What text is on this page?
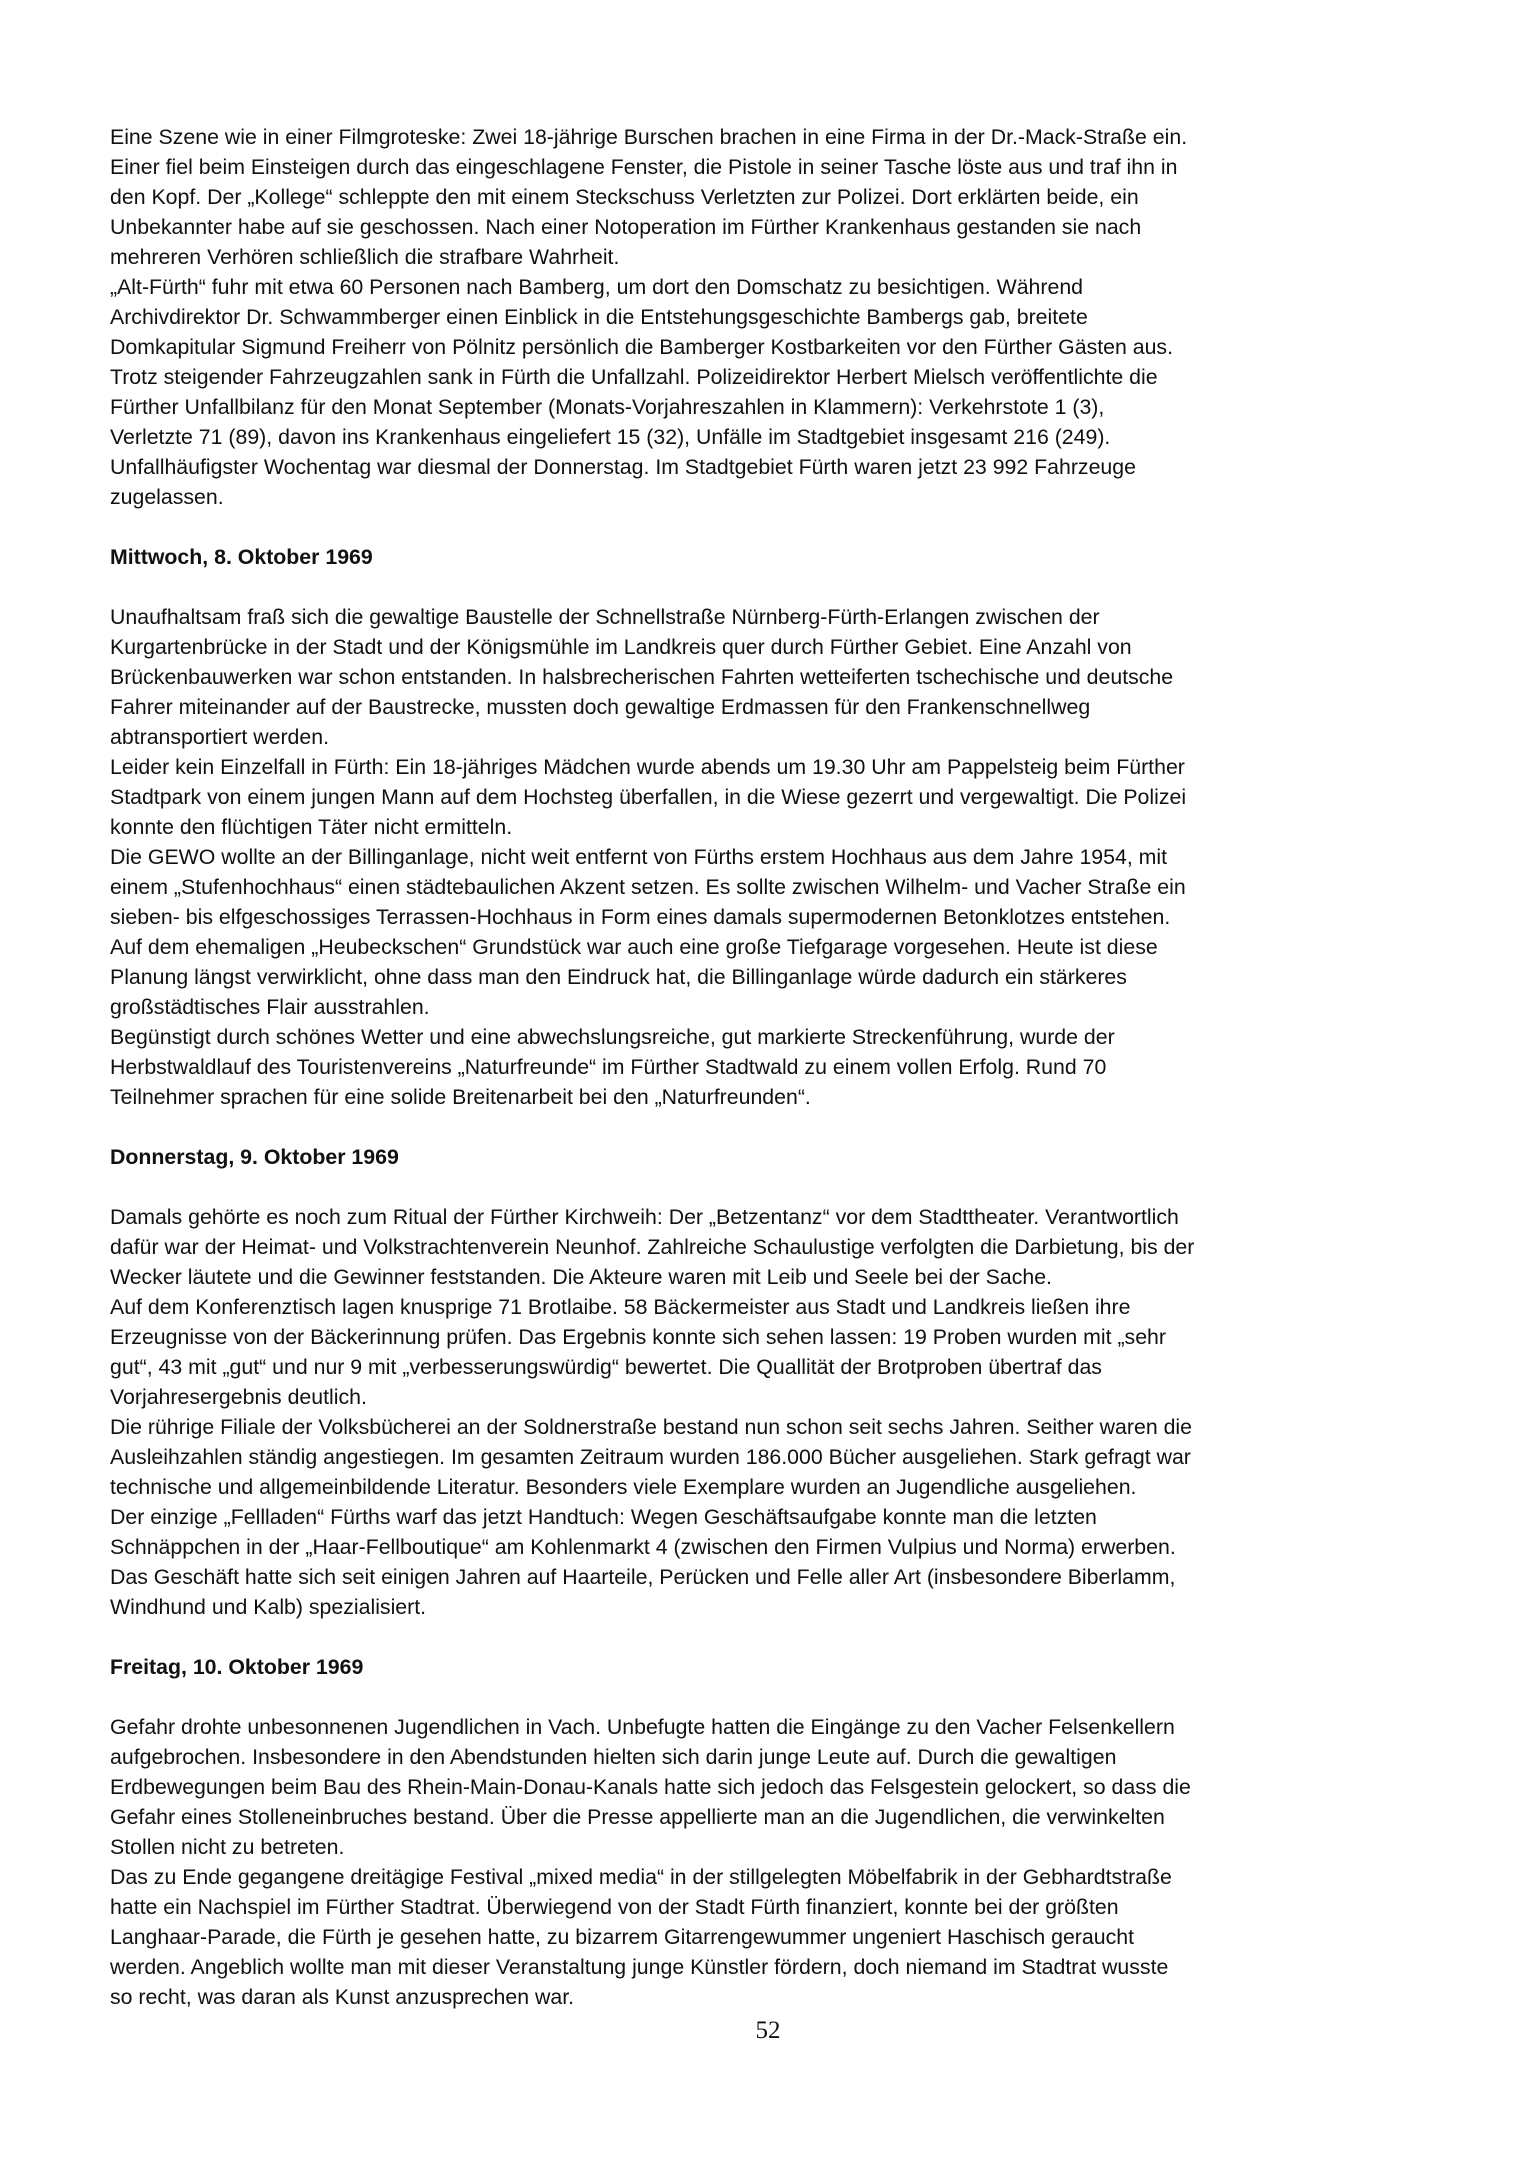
Eine Szene wie in einer Filmgroteske: Zwei 18-jährige Burschen brachen in eine Firma in der Dr.-Mack-Straße ein.
Einer fiel beim Einsteigen durch das eingeschlagene Fenster, die Pistole in seiner Tasche löste aus und traf ihn in
den Kopf. Der „Kollege“ schleppte den mit einem Steckschuss Verletzten zur Polizei. Dort erklärten beide, ein
Unbekannter habe auf sie geschossen. Nach einer Notoperation im Fürther Krankenhaus gestanden sie nach
mehreren Verhören schließlich die strafbare Wahrheit.
„Alt-Fürth“ fuhr mit etwa 60 Personen nach Bamberg, um dort den Domschatz zu besichtigen. Während
Archivdirektor Dr. Schwammberger einen Einblick in die Entstehungsgeschichte Bambergs gab, breitete
Domkapitular Sigmund Freiherr von Pölnitz persönlich die Bamberger Kostbarkeiten vor den Fürther Gästen aus.
Trotz steigender Fahrzeugzahlen sank in Fürth die Unfallzahl. Polizeidirektor Herbert Mielsch veröffentlichte die
Fürther Unfallbilanz für den Monat September (Monats-Vorjahreszahlen in Klammern): Verkehrstote 1 (3),
Verletzte 71 (89), davon ins Krankenhaus eingeliefert 15 (32), Unfälle im Stadtgebiet insgesamt 216 (249).
Unfallhäufigster Wochentag war diesmal der Donnerstag. Im Stadtgebiet Fürth waren jetzt 23 992 Fahrzeuge
zugelassen.
Mittwoch, 8. Oktober 1969
Unaufhaltsam fraß sich die gewaltige Baustelle der Schnellstraße Nürnberg-Fürth-Erlangen zwischen der
Kurgartenbrücke in der Stadt und der Königsmühle im Landkreis quer durch Fürther Gebiet. Eine Anzahl von
Brückenbauwerken war schon entstanden. In halsbrecherischen Fahrten wetteiferten tschechische und deutsche
Fahrer miteinander auf der Baustrecke, mussten doch gewaltige Erdmassen für den Frankenschnellweg
abtransportiert werden.
Leider kein Einzelfall in Fürth: Ein 18-jähriges Mädchen wurde abends um 19.30 Uhr am Pappelsteig beim Fürther
Stadtpark von einem jungen Mann auf dem Hochsteg überfallen, in die Wiese gezerrt und vergewaltigt. Die Polizei
konnte den flüchtigen Täter nicht ermitteln.
Die GEWO wollte an der Billinganlage, nicht weit entfernt von Fürths erstem Hochhaus aus dem Jahre 1954, mit
einem „Stufenhochhaus“ einen städtebaulichen Akzent setzen. Es sollte zwischen Wilhelm- und Vacher Straße ein
sieben- bis elfgeschossiges Terrassen-Hochhaus in Form eines damals supermodernen Betonklotzes entstehen.
Auf dem ehemaligen „Heubeckschen“ Grundstück war auch eine große Tiefgarage vorgesehen. Heute ist diese
Planung längst verwirklicht, ohne dass man den Eindruck hat, die Billinganlage würde dadurch ein stärkeres
großstädtisches Flair ausstrahlen.
Begünstigt durch schönes Wetter und eine abwechslungsreiche, gut markierte Streckenführung, wurde der
Herbstwaldlauf des Touristenvereins „Naturfreunde“ im Fürther Stadtwald zu einem vollen Erfolg. Rund 70
Teilnehmer sprachen für eine solide Breitenarbeit bei den „Naturfreunden“.
Donnerstag, 9. Oktober 1969
Damals gehörte es noch zum Ritual der Fürther Kirchweih: Der „Betzentanz“ vor dem Stadttheater. Verantwortlich
dafür war der Heimat- und Volkstrachtenverein Neunhof. Zahlreiche Schaulustige verfolgten die Darbietung, bis der
Wecker läutete und die Gewinner feststanden. Die Akteure waren mit Leib und Seele bei der Sache.
Auf dem Konferenztisch lagen knusprige 71 Brotlaibe. 58 Bäckermeister aus Stadt und Landkreis ließen ihre
Erzeugnisse von der Bäckerinnung prüfen. Das Ergebnis konnte sich sehen lassen: 19 Proben wurden mit „sehr
gut“, 43 mit „gut“ und nur 9 mit „verbesserungswürdig“ bewertet. Die Quallität der Brotproben übertraf das
Vorjahresergebnis deutlich.
Die rührige Filiale der Volksbücherei an der Soldnerstraße bestand nun schon seit sechs Jahren. Seither waren die
Ausleihzahlen ständig angestiegen. Im gesamten Zeitraum wurden 186.000 Bücher ausgeliehen. Stark gefragt war
technische und allgemeinbildende Literatur. Besonders viele Exemplare wurden an Jugendliche ausgeliehen.
Der einzige „Fellladen“ Fürths warf das jetzt Handtuch: Wegen Geschäftsaufgabe konnte man die letzten
Schnäppchen in der „Haar-Fellboutique“ am Kohlenmarkt 4 (zwischen den Firmen Vulpius und Norma) erwerben.
Das Geschäft hatte sich seit einigen Jahren auf Haarteile, Perücken und Felle aller Art (insbesondere Biberlamm,
Windhund und Kalb) spezialisiert.
Freitag, 10. Oktober 1969
Gefahr drohte unbesonnenen Jugendlichen in Vach. Unbefugte hatten die Eingänge zu den Vacher Felsenkellern
aufgebrochen. Insbesondere in den Abendstunden hielten sich darin junge Leute auf. Durch die gewaltigen
Erdbewegungen beim Bau des Rhein-Main-Donau-Kanals hatte sich jedoch das Felsgestein gelockert, so dass die
Gefahr eines Stolleneinbruches bestand. Über die Presse appellierte man an die Jugendlichen, die verwinkelten
Stollen nicht zu betreten.
Das zu Ende gegangene dreitägige Festival „mixed media“ in der stillgelegten Möbelfabrik in der Gebhardtstraße
hatte ein Nachspiel im Fürther Stadtrat. Überwiegend von der Stadt Fürth finanziert, konnte bei der größten
Langhaar-Parade, die Fürth je gesehen hatte, zu bizarrem Gitarrengewummer ungeniert Haschisch geraucht
werden. Angeblich wollte man mit dieser Veranstaltung junge Künstler fördern, doch niemand im Stadtrat wusste
so recht, was daran als Kunst anzusprechen war.
52
